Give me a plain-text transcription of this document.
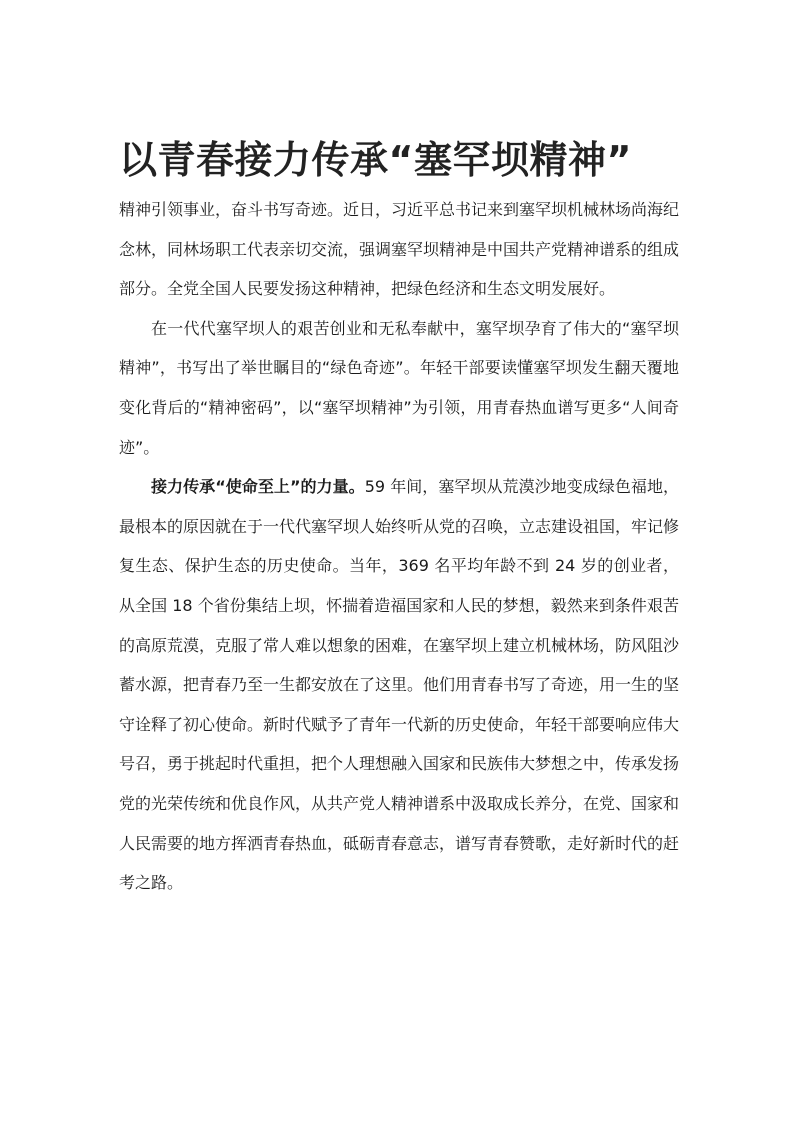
以青春接力传承“塞罕坝精神”

精神引领事业，奋斗书写奇迹。近日，习近平总书记来到塞罕坝机械林场尚海纪念林，同林场职工代表亲切交流，强调塞罕坝精神是中国共产党精神谱系的组成部分。全党全国人民要发扬这种精神，把绿色经济和生态文明发展好。

在一代代塞罕坝人的艰苦创业和无私奉献中，塞罕坝孕育了伟大的“塞罕坝精神”，书写出了举世瞩目的“绿色奇迹”。年轻干部要读懂塞罕坝发生翻天覆地变化背后的“精神密码”，以“塞罕坝精神”为引领，用青春热血谱写更多“人间奇迹”。

接力传承“使命至上”的力量。59 年间，塞罕坝从荒漠沙地变成绿色福地，最根本的原因就在于一代代塞罕坝人始终听从党的召唤，立志建设祖国，牢记修复生态、保护生态的历史使命。当年，369 名平均年龄不到 24 岁的创业者，从全国 18 个省份集结上坝，怀揣着造福国家和人民的梦想，毅然来到条件艰苦的高原荒漠，克服了常人难以想象的困难，在塞罕坝上建立机械林场，防风阻沙蓄水源，把青春乃至一生都安放在了这里。他们用青春书写了奇迹，用一生的坚守诠释了初心使命。新时代赋予了青年一代新的历史使命，年轻干部要响应伟大号召，勇于挑起时代重担，把个人理想融入国家和民族伟大梦想之中，传承发扬党的光荣传统和优良作风，从共产党人精神谱系中汲取成长养分，在党、国家和人民需要的地方挥洒青春热血，砥砺青春意志，谱写青春赞歌，走好新时代的赶考之路。
